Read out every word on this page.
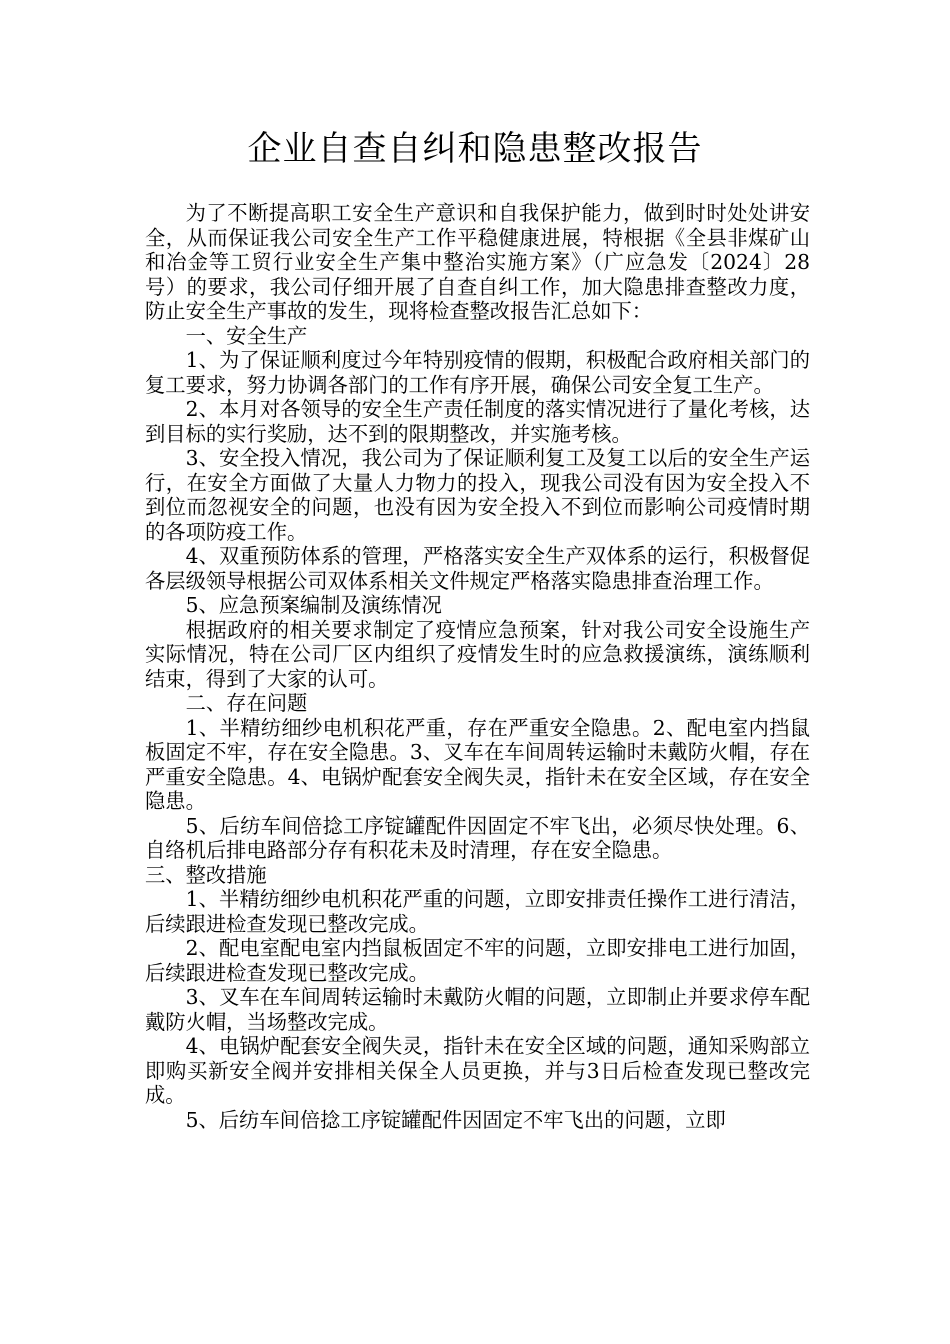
企业自查自纠和隐患整改报告

为了不断提高职工安全生产意识和自我保护能力，做到时时处处讲安全，从而保证我公司安全生产工作平稳健康进展，特根据《全县非煤矿山和冶金等工贸行业安全生产集中整治实施方案》（广应急发〔2024〕28号）的要求，我公司仔细开展了自查自纠工作，加大隐患排查整改力度，防止安全生产事故的发生，现将检查整改报告汇总如下：

一、安全生产

1、为了保证顺利度过今年特别疫情的假期，积极配合政府相关部门的复工要求，努力协调各部门的工作有序开展，确保公司安全复工生产。

2、本月对各领导的安全生产责任制度的落实情况进行了量化考核，达到目标的实行奖励，达不到的限期整改，并实施考核。

3、安全投入情况，我公司为了保证顺利复工及复工以后的安全生产运行，在安全方面做了大量人力物力的投入，现我公司没有因为安全投入不到位而忽视安全的问题，也没有因为安全投入不到位而影响公司疫情时期的各项防疫工作。

4、双重预防体系的管理，严格落实安全生产双体系的运行，积极督促各层级领导根据公司双体系相关文件规定严格落实隐患排查治理工作。

5、应急预案编制及演练情况

根据政府的相关要求制定了疫情应急预案，针对我公司安全设施生产实际情况，特在公司厂区内组织了疫情发生时的应急救援演练，演练顺利结束，得到了大家的认可。

二、存在问题

1、半精纺细纱电机积花严重，存在严重安全隐患。2、配电室内挡鼠板固定不牢，存在安全隐患。3、叉车在车间周转运输时未戴防火帽，存在严重安全隐患。4、电锅炉配套安全阀失灵，指针未在安全区域，存在安全隐患。

5、后纺车间倍捻工序锭罐配件因固定不牢飞出，必须尽快处理。6、自络机后排电路部分存有积花未及时清理，存在安全隐患。

三、整改措施

1、半精纺细纱电机积花严重的问题，立即安排责任操作工进行清洁，后续跟进检查发现已整改完成。

2、配电室配电室内挡鼠板固定不牢的问题，立即安排电工进行加固，后续跟进检查发现已整改完成。

3、叉车在车间周转运输时未戴防火帽的问题，立即制止并要求停车配戴防火帽，当场整改完成。

4、电锅炉配套安全阀失灵，指针未在安全区域的问题，通知采购部立即购买新安全阀并安排相关保全人员更换，并与3日后检查发现已整改完成。

5、后纺车间倍捻工序锭罐配件因固定不牢飞出的问题，立即
